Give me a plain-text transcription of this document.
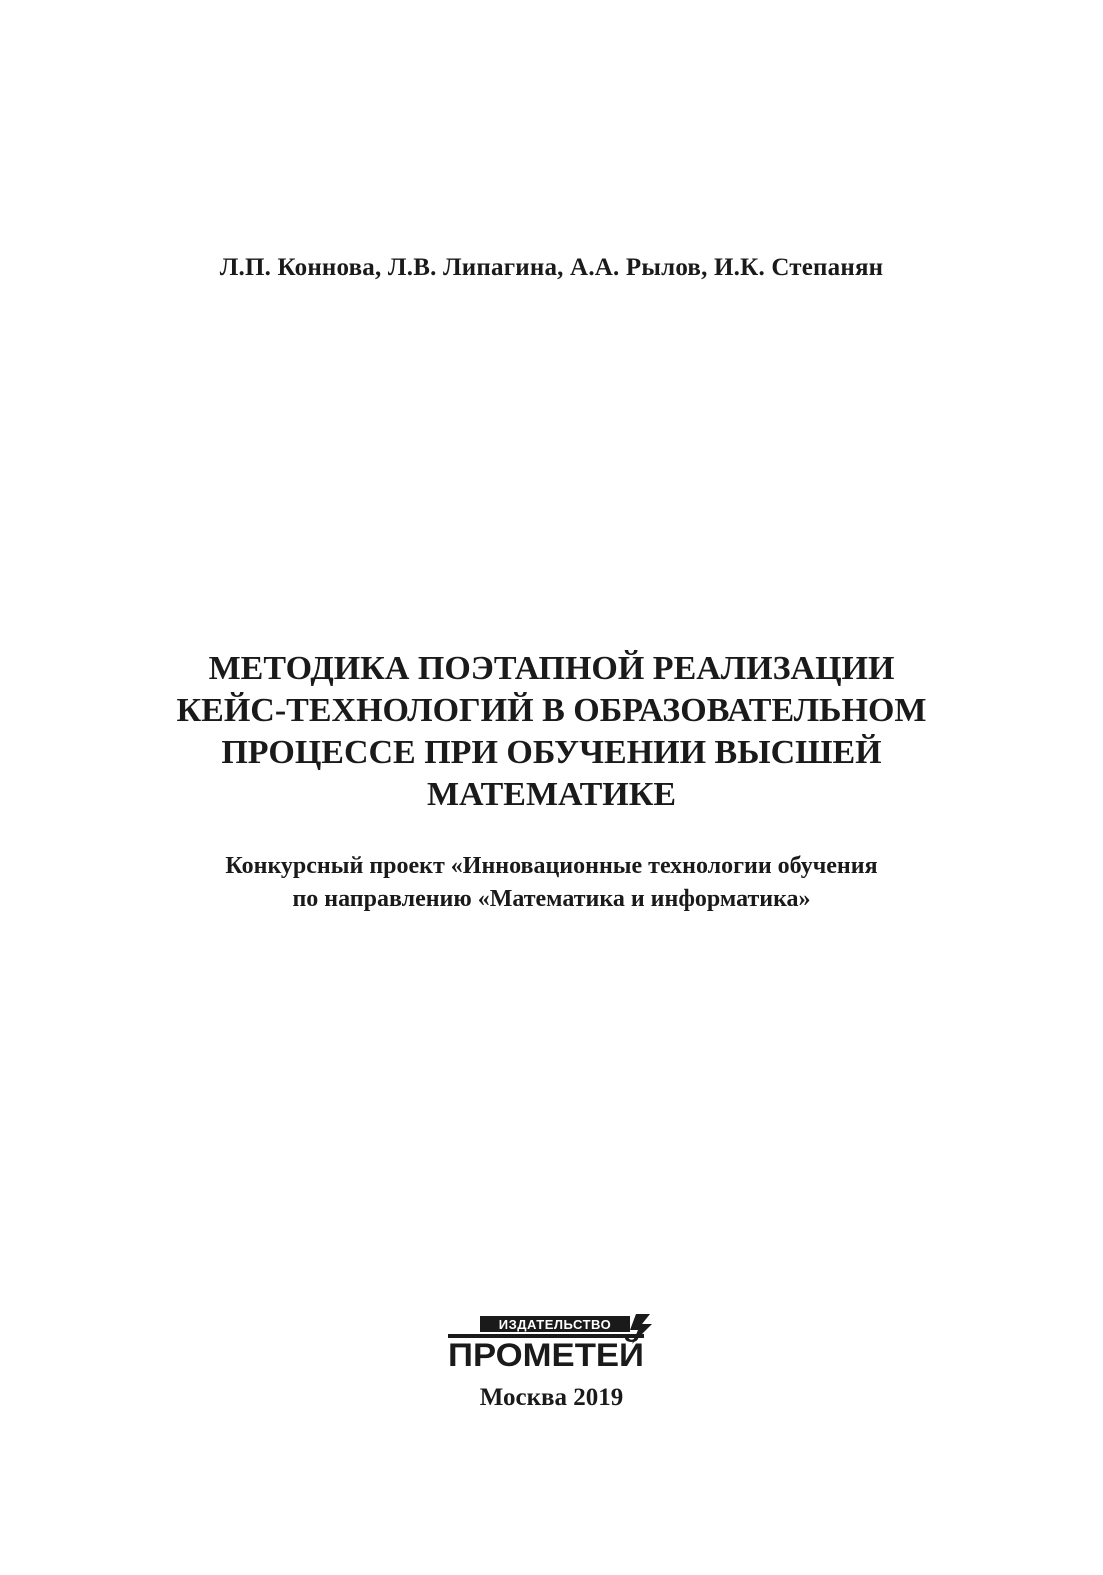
Л.П. Коннова, Л.В. Липагина, А.А. Рылов, И.К. Степанян
МЕТОДИКА ПОЭТАПНОЙ РЕАЛИЗАЦИИ
КЕЙС-ТЕХНОЛОГИЙ В ОБРАЗОВАТЕЛЬНОМ
ПРОЦЕССЕ ПРИ ОБУЧЕНИИ ВЫСШЕЙ
МАТЕМАТИКЕ
Конкурсный проект «Инновационные технологии обучения
по направлению «Математика и информатика»
ИЗДАТЕЛЬСТВО
ПРОМЕТЕЙ
Москва 2019
